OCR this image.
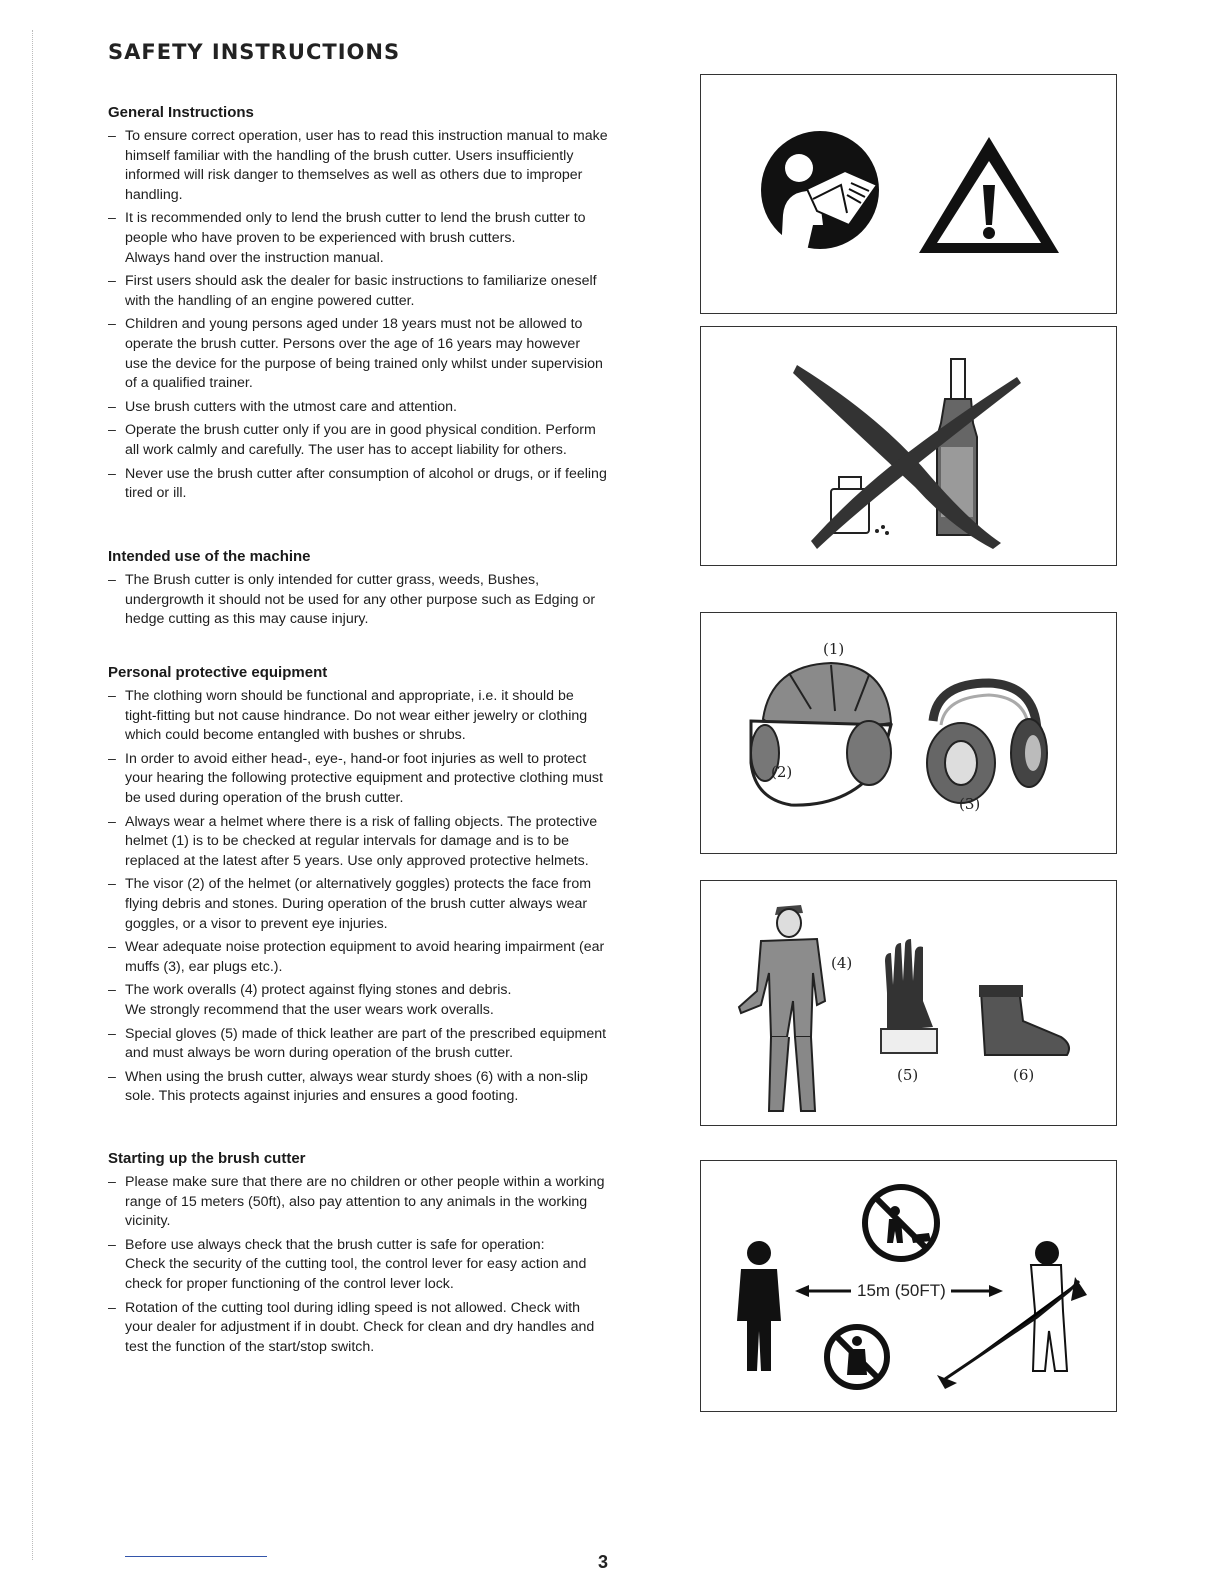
SAFETY INSTRUCTIONS
General Instructions
– To ensure correct operation, user has to read this instruction manual to make
himself familiar with the handling of the brush cutter. Users insufficiently
informed will risk danger to themselves as well as others due to improper
handling.
– It is recommended only to lend the brush cutter to lend the brush cutter to
people who have proven to be experienced with brush cutters.
Always hand over the instruction manual.
– First users should ask the dealer for basic instructions to familiarize oneself
with the handling of an engine powered cutter.
– Children and young persons aged under 18 years must not be allowed to
operate the brush cutter. Persons over the age of 16 years may however
use the device for the purpose of being trained only whilst under supervision
of a qualified trainer.
– Use brush cutters with the utmost care and attention.
– Operate the brush cutter only if you are in good physical condition. Perform
all work calmly and carefully. The user has to accept liability for others.
– Never use the brush cutter after consumption of alcohol or drugs, or if feeling
tired or ill.
Intended use of the machine
– The Brush cutter is only intended for cutter grass, weeds, Bushes,
undergrowth it should not be used for any other purpose such as Edging or
hedge cutting as this may cause injury.
Personal protective equipment
– The clothing worn should be functional and appropriate, i.e. it should be
tight-fitting but not cause hindrance. Do not wear either jewelry or clothing
which could become entangled with bushes or shrubs.
– In order to avoid either head-, eye-, hand-or foot injuries as well to protect
your hearing the following protective equipment and protective clothing must
be used during operation of the brush cutter.
– Always wear a helmet where there is a risk of falling objects. The protective
helmet (1) is to be checked at regular intervals for damage and is to be
replaced at the latest after 5 years. Use only approved protective helmets.
– The visor (2) of the helmet (or alternatively goggles) protects the face from
flying debris and stones. During operation of the brush cutter always wear
goggles, or a visor to prevent eye injuries.
– Wear adequate noise protection equipment to avoid hearing impairment (ear
muffs (3), ear plugs etc.).
– The work overalls (4) protect against flying stones and debris.
We strongly recommend that the user wears work overalls.
– Special gloves (5) made of thick leather are part of the prescribed equipment
and must always be worn during operation of the brush cutter.
– When using the brush cutter, always wear sturdy shoes (6) with a non-slip
sole. This protects against injuries and ensures a good footing.
Starting up the brush cutter
– Please make sure that there are no children or other people within a working
range of 15 meters (50ft), also pay attention to any animals in the working
vicinity.
– Before use always check that the brush cutter is safe for operation:
Check the security of the cutting tool, the control lever for easy action and
check for proper functioning of the control lever lock.
– Rotation of the cutting tool during idling speed is not allowed. Check with
your dealer for adjustment if in doubt. Check for clean and dry handles and
test the function of the start/stop switch.
(1)
(2)
(3)
(4)
(5)	(6)
15m (50FT)
3
